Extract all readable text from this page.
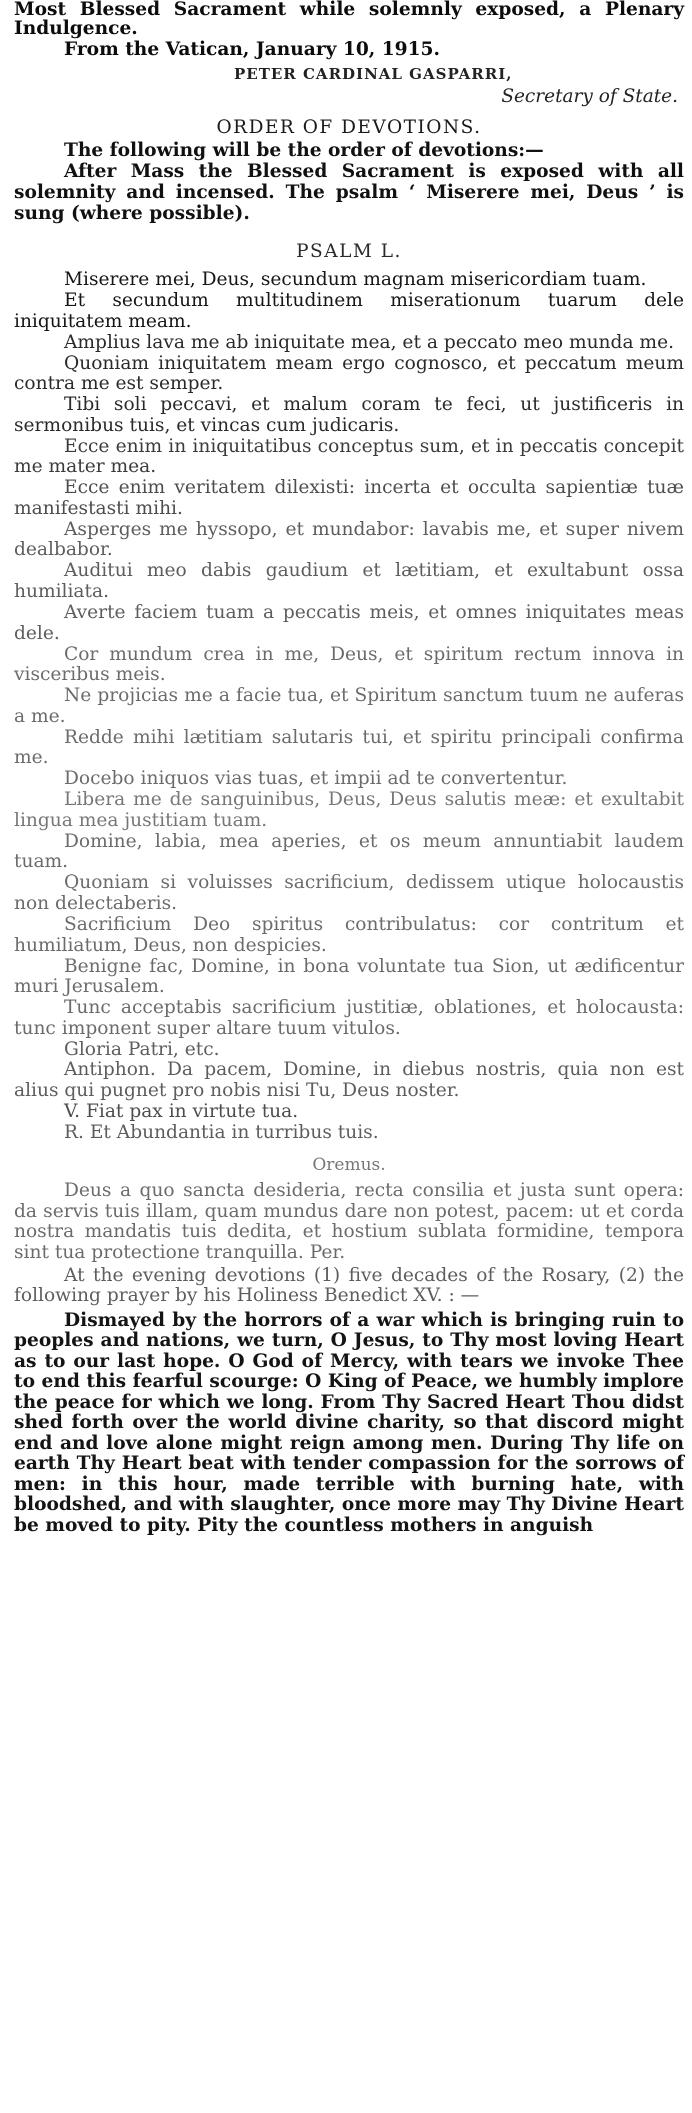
Most Blessed Sacrament while solemnly exposed, a Plenary Indulgence.

From the Vatican, January 10, 1915.

PETER CARDINAL GASPARRI,

Secretary of State.

ORDER OF DEVOTIONS.

The following will be the order of devotions:—

After Mass the Blessed Sacrament is exposed with all solemnity and incensed. The psalm ‘ Miserere mei, Deus ’ is sung (where possible).

PSALM L.

Miserere mei, Deus, secundum magnam misericordiam tuam.

Et secundum multitudinem miserationum tuarum dele iniquitatem meam.

Amplius lava me ab iniquitate mea, et a peccato meo munda me.

Quoniam iniquitatem meam ergo cognosco, et peccatum meum contra me est semper.

Tibi soli peccavi, et malum coram te feci, ut justificeris in sermonibus tuis, et vincas cum judicaris.

Ecce enim in iniquitatibus conceptus sum, et in peccatis concepit me mater mea.

Ecce enim veritatem dilexisti: incerta et occulta sapientiæ tuæ manifestasti mihi.

Asperges me hyssopo, et mundabor: lavabis me, et super nivem dealbabor.

Auditui meo dabis gaudium et lætitiam, et exultabunt ossa humiliata.

Averte faciem tuam a peccatis meis, et omnes iniquitates meas dele.

Cor mundum crea in me, Deus, et spiritum rectum innova in visceribus meis.

Ne projicias me a facie tua, et Spiritum sanctum tuum ne auferas a me.

Redde mihi lætitiam salutaris tui, et spiritu principali confirma me.

Docebo iniquos vias tuas, et impii ad te convertentur.

Libera me de sanguinibus, Deus, Deus salutis meæ: et exultabit lingua mea justitiam tuam.

Domine, labia, mea aperies, et os meum annuntiabit laudem tuam.

Quoniam si voluisses sacrificium, dedissem utique holocaustis non delectaberis.

Sacrificium Deo spiritus contribulatus: cor contritum et humiliatum, Deus, non despicies.

Benigne fac, Domine, in bona voluntate tua Sion, ut ædificentur muri Jerusalem.

Tunc acceptabis sacrificium justitiæ, oblationes, et holocausta: tunc imponent super altare tuum vitulos.

Gloria Patri, etc.

Antiphon. Da pacem, Domine, in diebus nostris, quia non est alius qui pugnet pro nobis nisi Tu, Deus noster.

V. Fiat pax in virtute tua.

R. Et Abundantia in turribus tuis.

Oremus.

Deus a quo sancta desideria, recta consilia et justa sunt opera: da servis tuis illam, quam mundus dare non potest, pacem: ut et corda nostra mandatis tuis dedita, et hostium sublata formidine, tempora sint tua protectione tranquilla. Per.

At the evening devotions (1) five decades of the Rosary, (2) the following prayer by his Holiness Benedict XV. : —

Dismayed by the horrors of a war which is bringing ruin to peoples and nations, we turn, O Jesus, to Thy most loving Heart as to our last hope. O God of Mercy, with tears we invoke Thee to end this fearful scourge: O King of Peace, we humbly implore the peace for which we long. From Thy Sacred Heart Thou didst shed forth over the world divine charity, so that discord might end and love alone might reign among men. During Thy life on earth Thy Heart beat with tender compassion for the sorrows of men: in this hour, made terrible with burning hate, with bloodshed, and with slaughter, once more may Thy Divine Heart be moved to pity. Pity the countless mothers in anguish
